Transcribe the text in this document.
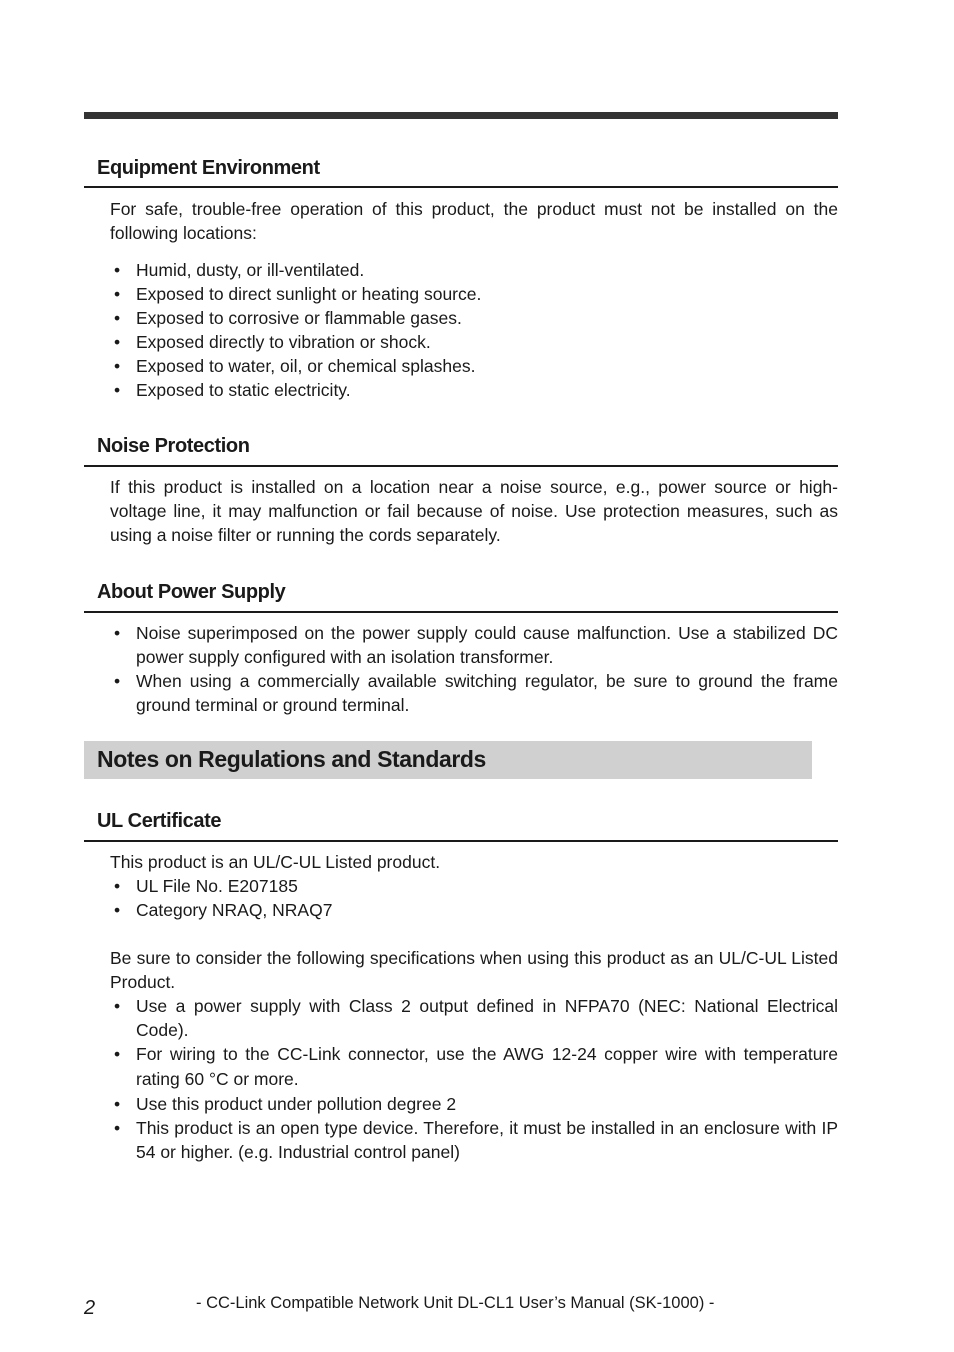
Equipment Environment

For safe, trouble-free operation of this product, the product must not be installed on the following locations:

• Humid, dusty, or ill-ventilated.
• Exposed to direct sunlight or heating source.
• Exposed to corrosive or flammable gases.
• Exposed directly to vibration or shock.
• Exposed to water, oil, or chemical splashes.
• Exposed to static electricity.
Noise Protection

If this product is installed on a location near a noise source, e.g., power source or high-voltage line, it may malfunction or fail because of noise. Use protection measures, such as using a noise filter or running the cords separately.

About Power Supply
• Noise superimposed on the power supply could cause malfunction. Use a stabilized DC power supply configured with an isolation transformer.
• When using a commercially available switching regulator, be sure to ground the frame ground terminal or ground terminal.
Notes on Regulations and Standards
UL Certificate

This product is an UL/C-UL Listed product.

• UL File No. E207185
• Category NRAQ, NRAQ7

Be sure to consider the following specifications when using this product as an UL/C-UL Listed Product.

• Use a power supply with Class 2 output defined in NFPA70 (NEC: National Electrical Code).
• For wiring to the CC-Link connector, use the AWG 12-24 copper wire with temperature rating 60 °C or more.
• Use this product under pollution degree 2
• This product is an open type device. Therefore, it must be installed in an enclosure with IP 54 or higher. (e.g. Industrial control panel)
2	- CC-Link Compatible Network Unit DL-CL1 User’s Manual (SK-1000) -
